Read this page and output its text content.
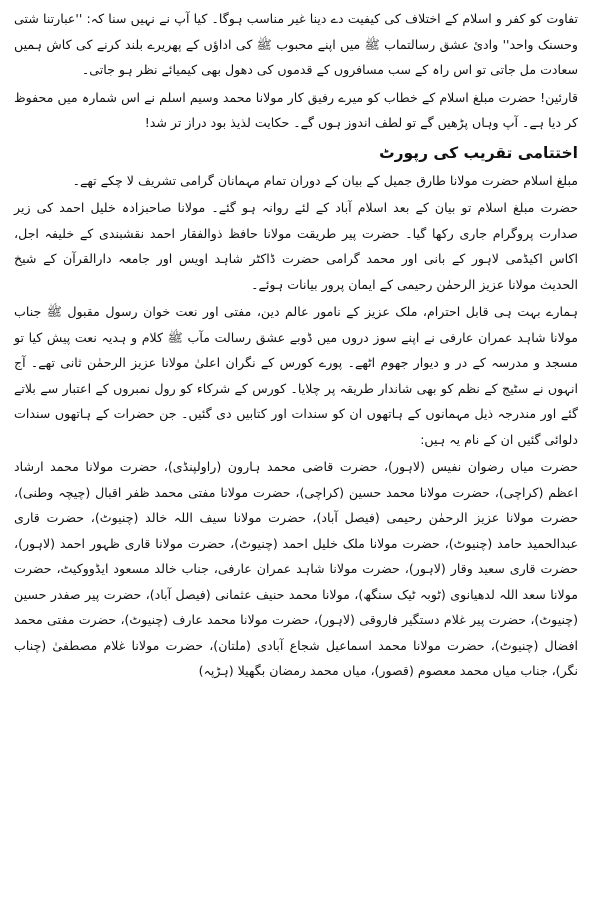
تفاوت کو کفر و اسلام کے اختلاف کی کیفیت دے دینا غیر مناسب ہوگا۔ کیا آپ نے نہیں سنا کہ: ''عبارتنا شتی وحسنک واحد'' وادیٔ عشق رسالتماب ﷺ میں اپنے محبوب ﷺ کی اداؤں کے پھریرے بلند کرنے کی کاش ہمیں سعادت مل جاتی تو اس راہ کے سب مسافروں کے قدموں کی دھول بھی کیمیائے نظر ہو جاتی۔

قارئین! حضرت مبلغ اسلام کے خطاب کو میرے رفیق کار مولانا محمد وسیم اسلم نے اس شمارہ میں محفوظ کر دیا ہے۔ آپ وہاں پڑھیں گے تو لطف اندوز ہوں گے۔ حکایت لذیذ بود دراز تر شد!

اختتامی تقریب کی رپورٹ

مبلغ اسلام حضرت مولانا طارق جمیل کے بیان کے دوران تمام مہمانان گرامی تشریف لا چکے تھے۔

حضرت مبلغ اسلام تو بیان کے بعد اسلام آباد کے لئے روانہ ہو گئے۔ مولانا صاحبزادہ خلیل احمد کی زیر صدارت پروگرام جاری رکھا گیا۔ حضرت پیر طریقت مولانا حافظ ذوالفقار احمد نقشبندی کے خلیفہ اجل، اکاس اکیڈمی لاہور کے بانی اور محمد گرامی حضرت ڈاکٹر شاہد اویس اور جامعہ دارالقرآن کے شیخ الحدیث مولانا عزیز الرحمٰن رحیمی کے ایمان پرور بیانات ہوئے۔

ہمارے بہت ہی قابل احترام، ملک عزیز کے نامور عالم دین، مفتی اور نعت خوان رسول مقبول ﷺ جناب مولانا شاہد عمران عارفی نے اپنے سوز دروں میں ڈوبے عشق رسالت مآب ﷺ کلام و ہدیہ نعت پیش کیا تو مسجد و مدرسہ کے در و دیوار جھوم اٹھے۔ پورے کورس کے نگران اعلیٰ مولانا عزیز الرحمٰن ثانی تھے۔ آج انہوں نے سٹیج کے نظم کو بھی شاندار طریقہ پر چلایا۔ کورس کے شرکاء کو رول نمبروں کے اعتبار سے بلاتے گئے اور مندرجہ ذیل مہمانوں کے ہاتھوں ان کو سندات اور کتابیں دی گئیں۔ جن حضرات کے ہاتھوں سندات دلوائی گئیں ان کے نام یہ ہیں:

حضرت میاں رضوان نفیس (لاہور)، حضرت قاضی محمد ہارون (راولپنڈی)، حضرت مولانا محمد ارشاد اعظم (کراچی)، حضرت مولانا محمد حسین (کراچی)، حضرت مولانا مفتی محمد ظفر اقبال (چیچہ وطنی)، حضرت مولانا عزیز الرحمٰن رحیمی (فیصل آباد)، حضرت مولانا سیف اللہ خالد (چنیوٹ)، حضرت قاری عبدالحمید حامد (چنیوٹ)، حضرت مولانا ملک خلیل احمد (چنیوٹ)، حضرت مولانا قاری ظہور احمد (لاہور)، حضرت قاری سعید وقار (لاہور)، حضرت مولانا شاہد عمران عارفی، جناب خالد مسعود ایڈووکیٹ، حضرت مولانا سعد اللہ لدھیانوی (ٹوبہ ٹیک سنگھ)، مولانا محمد حنیف عثمانی (فیصل آباد)، حضرت پیر صفدر حسین (چنیوٹ)، حضرت پیر غلام دستگیر فاروقی (لاہور)، حضرت مولانا محمد عارف (چنیوٹ)، حضرت مفتی محمد افضال (چنیوٹ)، حضرت مولانا محمد اسماعیل شجاع آبادی (ملتان)، حضرت مولانا غلام مصطفیٰ (چناب نگر)، جناب میاں محمد معصوم (قصور)، میاں محمد رمضان بگھیلا (ہڑپہ)
